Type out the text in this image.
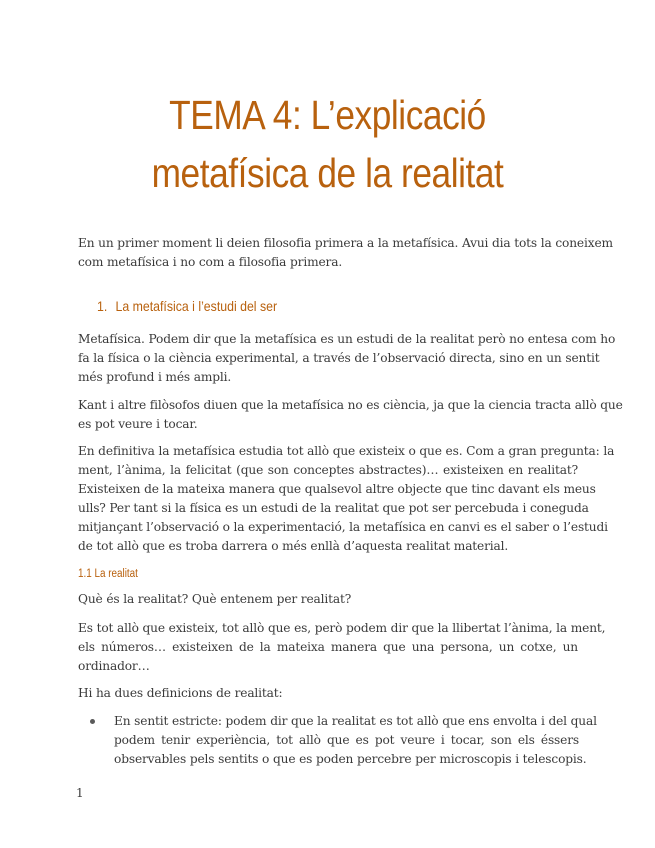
TEMA 4: L’explicació
metafísica de la realitat
En un primer moment li deien filosofia primera a la metafísica. Avui dia tots la coneixem
com metafísica i no com a filosofia primera.
1. La metafísica i l’estudi del ser
Metafísica. Podem dir que la metafísica es un estudi de la realitat però no entesa com ho
fa la física o la ciència experimental, a través de l’observació directa, sino en un sentit
més profund i més ampli.
Kant i altre filòsofos diuen que la metafísica no es ciència, ja que la ciencia tracta allò que
es pot veure i tocar.
En definitiva la metafísica estudia tot allò que existeix o que es. Com a gran pregunta: la
ment, l’ànima, la felicitat (que son conceptes abstractes)… existeixen en realitat?
Existeixen de la mateixa manera que qualsevol altre objecte que tinc davant els meus
ulls? Per tant si la física es un estudi de la realitat que pot ser percebuda i coneguda
mitjançant l’observació o la experimentació, la metafísica en canvi es el saber o l’estudi
de tot allò que es troba darrera o més enllà d’aquesta realitat material.
1.1 La realitat
Què és la realitat? Què entenem per realitat?
Es tot allò que existeix, tot allò que es, però podem dir que la llibertat l’ànima, la ment,
els números… existeixen de la mateixa manera que una persona, un cotxe, un
ordinador…
Hi ha dues definicions de realitat:
En sentit estricte: podem dir que la realitat es tot allò que ens envolta i del qual
podem tenir experiència, tot allò que es pot veure i tocar, son els éssers
observables pels sentits o que es poden percebre per microscopis i telescopis.
1
